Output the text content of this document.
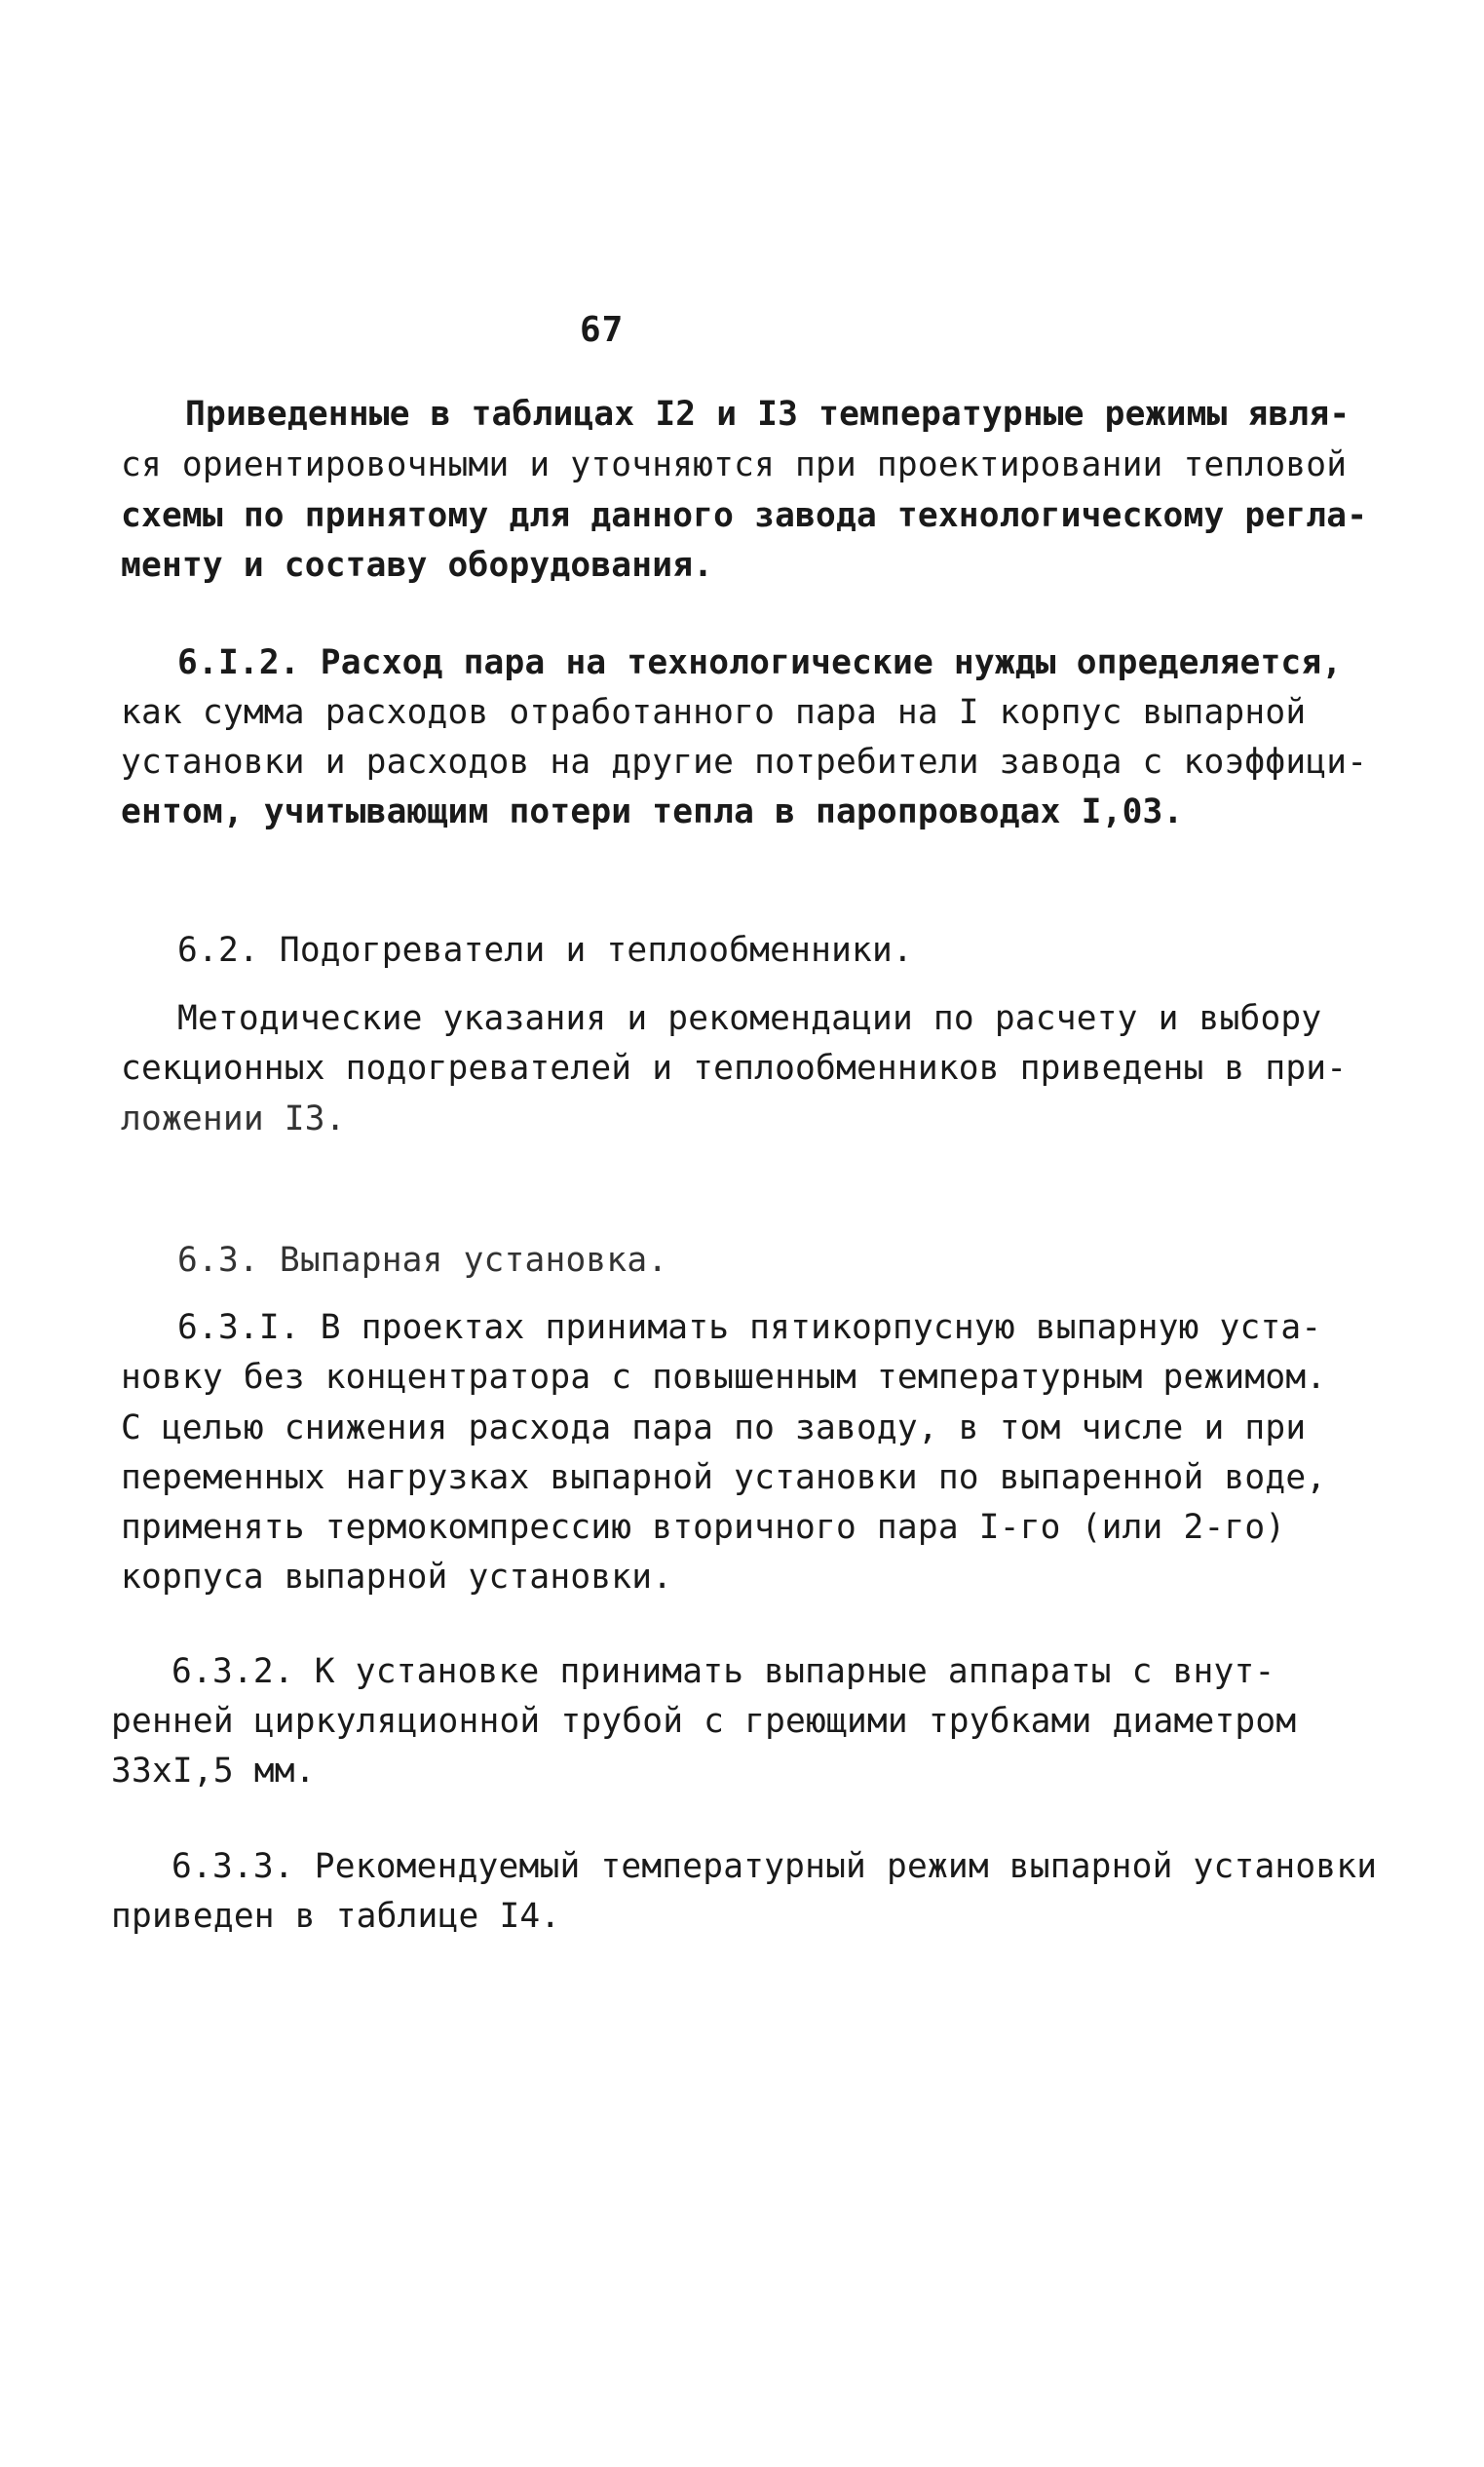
67
Приведенные в таблицах I2 и I3 температурные режимы явля-
ся ориентировочными и уточняются при проектировании тепловой
схемы по принятому для данного завода технологическому регла-
менту и составу оборудования.
6.I.2. Расход пара на технологические нужды определяется,
как сумма расходов отработанного пара на I корпус выпарной
установки и расходов на другие потребители завода с коэффици-
ентом, учитывающим потери тепла в паропроводах I,03.
6.2. Подогреватели и теплообменники.
Методические указания и рекомендации по расчету и выбору
секционных подогревателей и теплообменников приведены в при-
ложении I3.
6.3. Выпарная установка.
6.3.I. В проектах принимать пятикорпусную выпарную уста-
новку без концентратора с повышенным температурным режимом.
С целью снижения расхода пара по заводу, в том числе и при
переменных нагрузках выпарной установки по выпаренной воде,
применять термокомпрессию вторичного пара I-го (или 2-го)
корпуса выпарной установки.
6.3.2. К установке принимать выпарные аппараты с внут-
ренней циркуляционной трубой с греющими трубками диаметром
33хI,5 мм.
6.3.3. Рекомендуемый температурный режим выпарной установки
приведен в таблице I4.
